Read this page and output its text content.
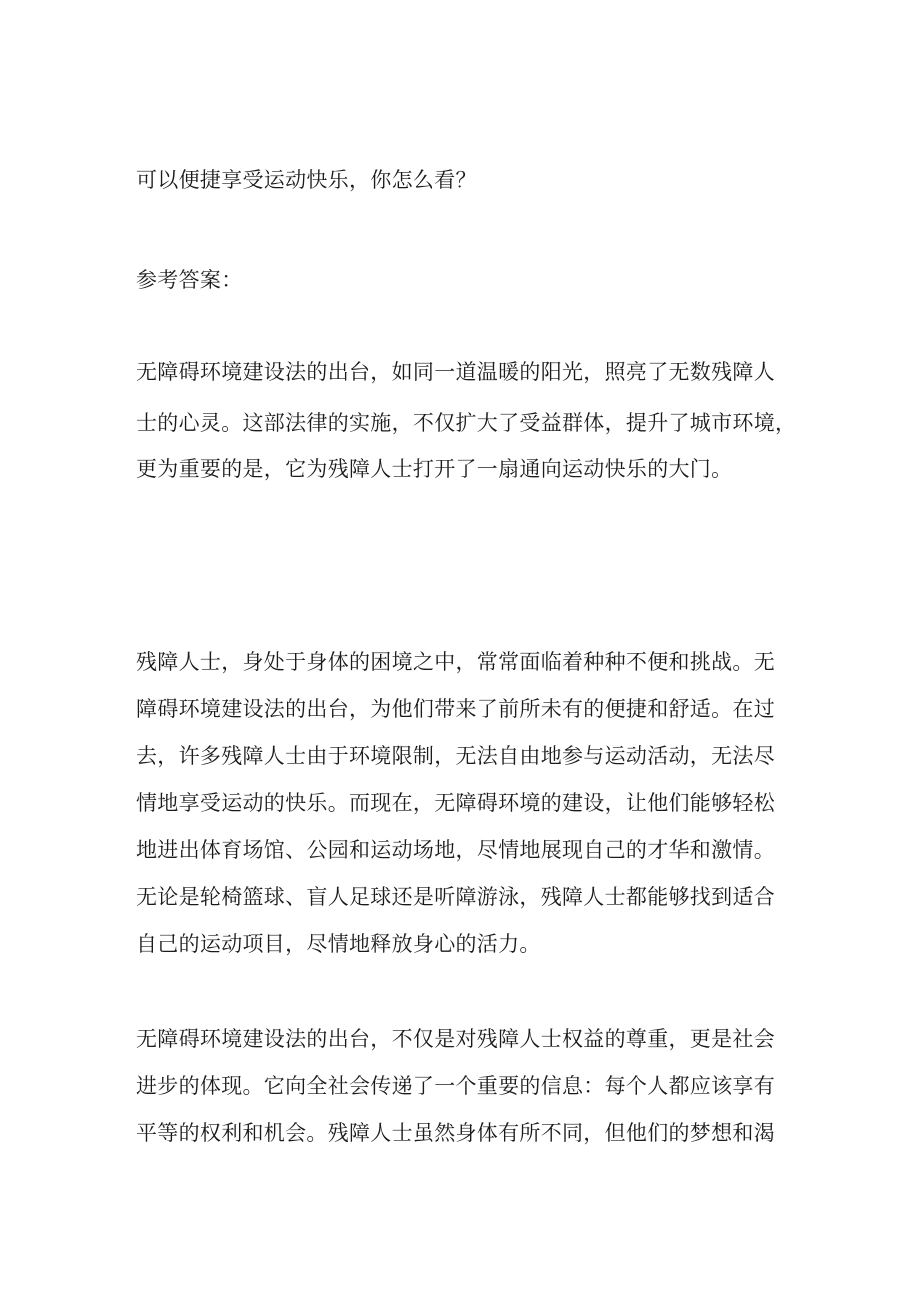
可以便捷享受运动快乐，你怎么看？

参考答案：

无障碍环境建设法的出台，如同一道温暖的阳光，照亮了无数残障人

士的心灵。这部法律的实施，不仅扩大了受益群体，提升了城市环境，

更为重要的是，它为残障人士打开了一扇通向运动快乐的大门。

残障人士，身处于身体的困境之中，常常面临着种种不便和挑战。无

障碍环境建设法的出台，为他们带来了前所未有的便捷和舒适。在过

去，许多残障人士由于环境限制，无法自由地参与运动活动，无法尽

情地享受运动的快乐。而现在，无障碍环境的建设，让他们能够轻松

地进出体育场馆、公园和运动场地，尽情地展现自己的才华和激情。

无论是轮椅篮球、盲人足球还是听障游泳，残障人士都能够找到适合

自己的运动项目，尽情地释放身心的活力。

无障碍环境建设法的出台，不仅是对残障人士权益的尊重，更是社会

进步的体现。它向全社会传递了一个重要的信息：每个人都应该享有

平等的权利和机会。残障人士虽然身体有所不同，但他们的梦想和渴
